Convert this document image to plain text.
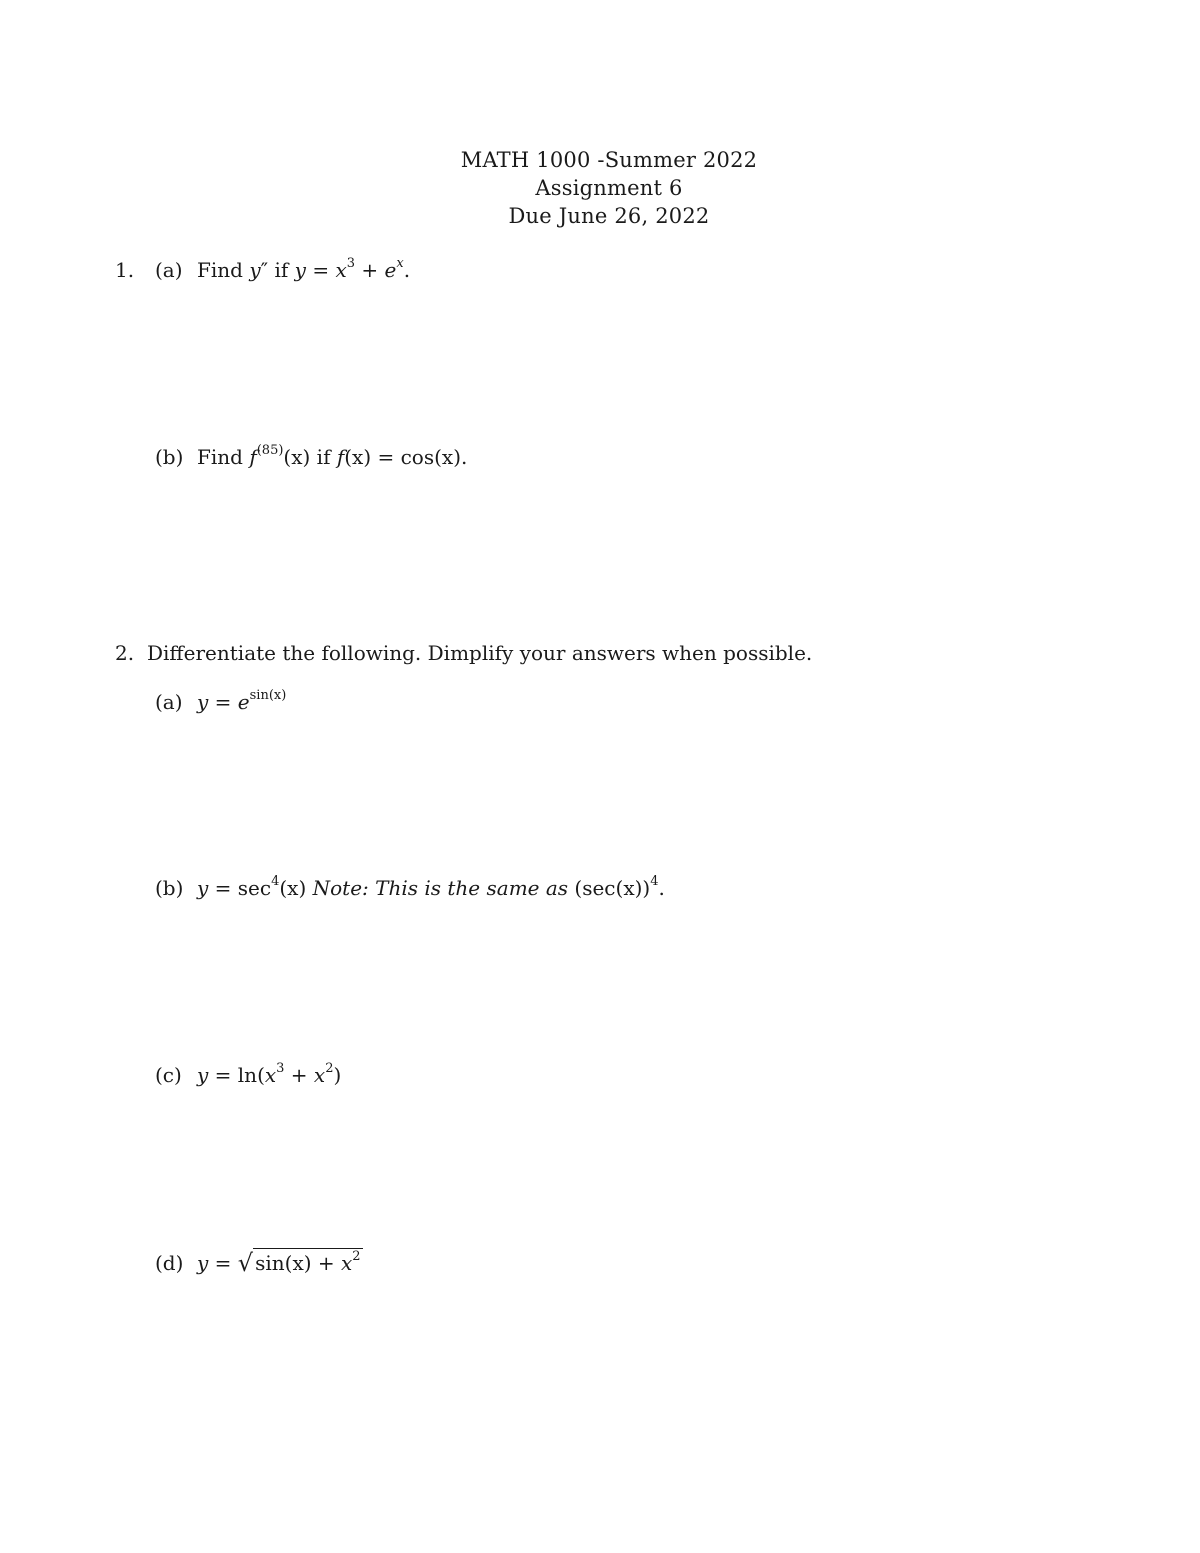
MATH 1000 -Summer 2022
Assignment 6
Due June 26, 2022
1. (a) Find y″ if $y = x^3 + e^x$.
(b) Find $f^{(85)}(x)$ if f(x) = cos(x).
2. Differentiate the following. Dimplify your answers when possible.
(a) $y = e^{sin(x)}$
(b) $y = \sec^4(x)$ Note: This is the same as $(\sec(x))^4$.
(c) $y = \ln(x^3 + x^2)$
(d) y = √ $\sin(x) + x^2$
